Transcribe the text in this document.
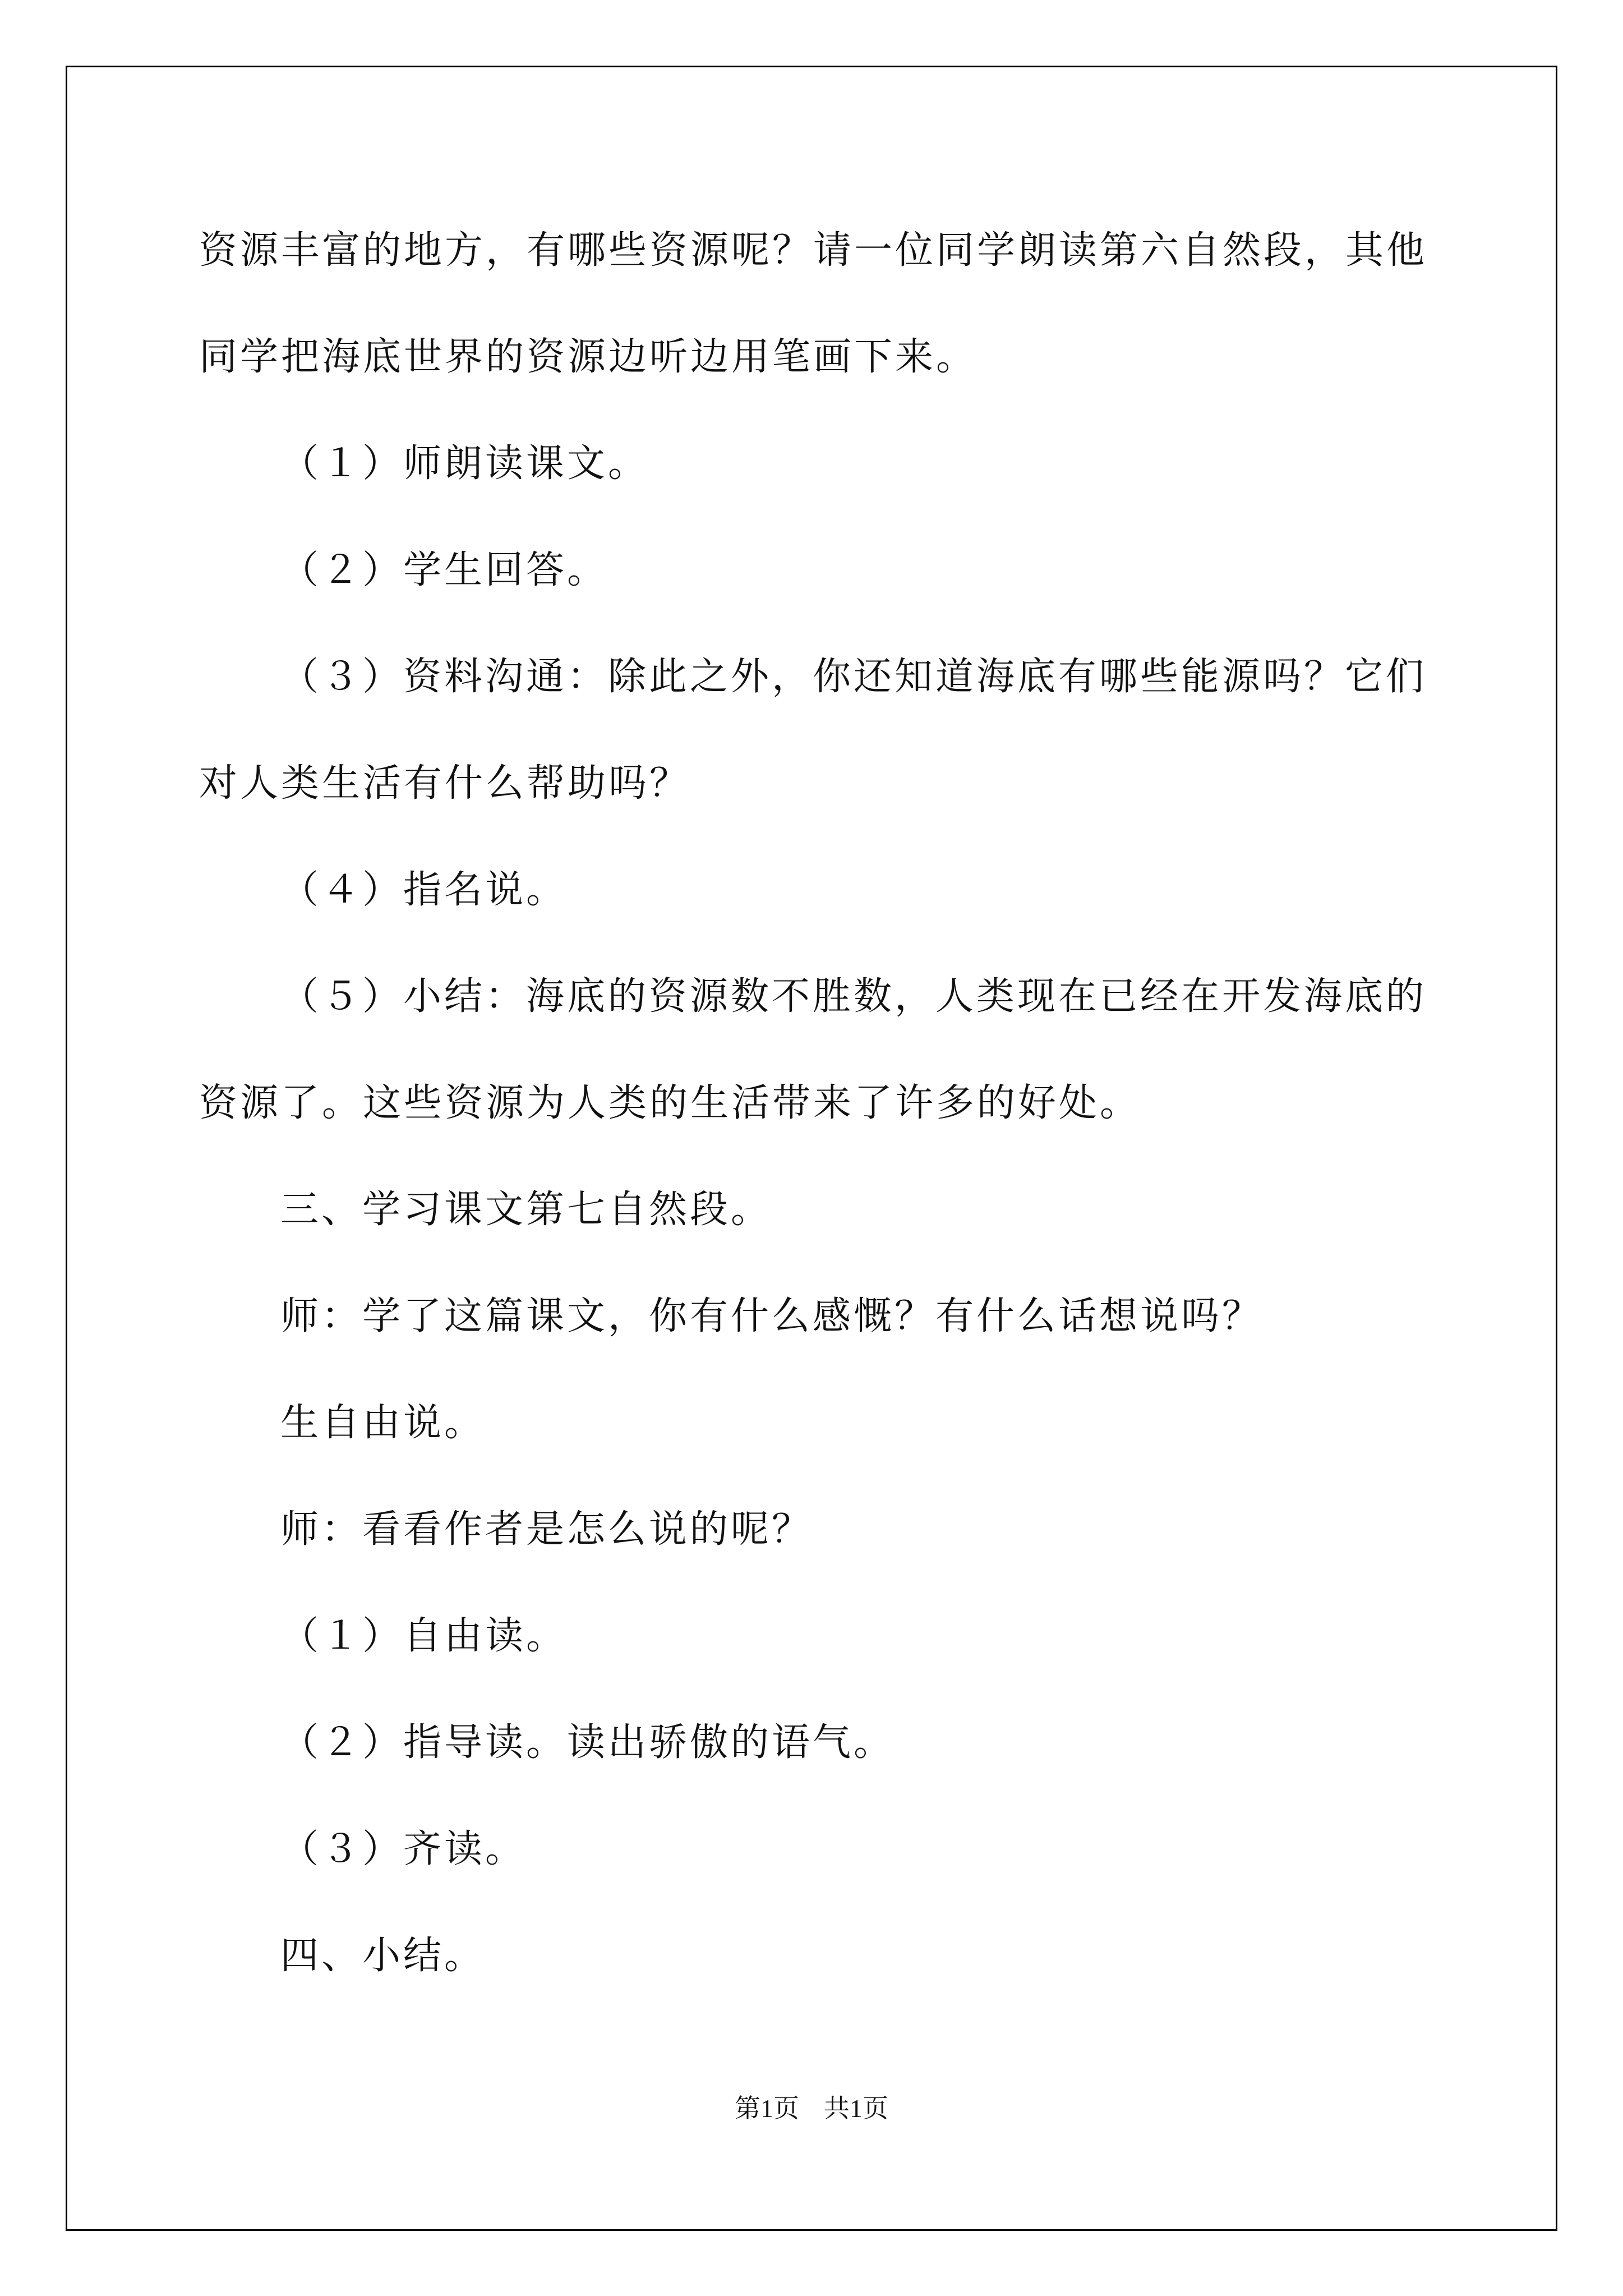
资源丰富的地方，有哪些资源呢？请一位同学朗读第六自然段，其他
同学把海底世界的资源边听边用笔画下来。
（１）师朗读课文。
（２）学生回答。
（３）资料沟通：除此之外，你还知道海底有哪些能源吗？它们
对人类生活有什么帮助吗？
（４）指名说。
（５）小结：海底的资源数不胜数，人类现在已经在开发海底的
资源了。这些资源为人类的生活带来了许多的好处。
三、学习课文第七自然段。
师：学了这篇课文，你有什么感慨？有什么话想说吗？
生自由说。
师：看看作者是怎么说的呢？
（１）自由读。
（２）指导读。读出骄傲的语气。
（３）齐读。
四、小结。
第1页 共1页
